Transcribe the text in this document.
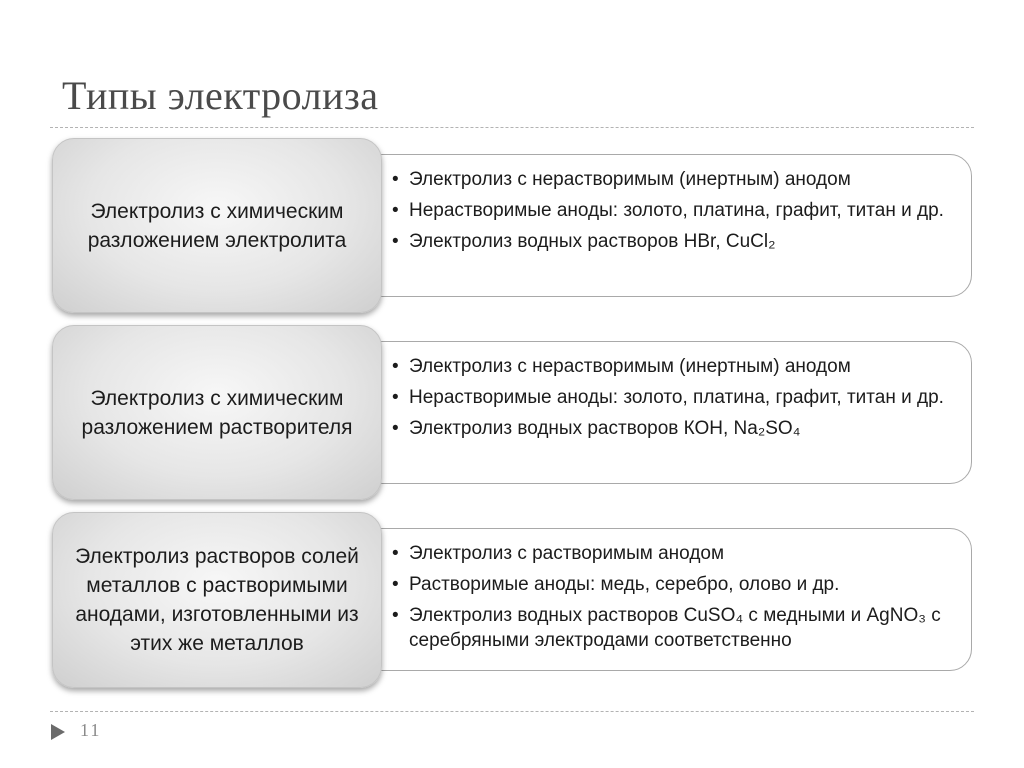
Типы электролиза
• Электролиз с нерастворимым (инертным) анодом
• Нерастворимые аноды: золото, платина, графит, титан и др.
• Электролиз водных растворов HBr, CuCl₂
Электролиз с химическим разложением электролита
• Электролиз с нерастворимым (инертным) анодом
• Нерастворимые аноды: золото, платина, графит, титан и др.
• Электролиз водных растворов КОН, Na₂SO₄
Электролиз с химическим разложением растворителя
• Электролиз с растворимым анодом
• Растворимые аноды: медь, серебро, олово и др.
• Электролиз водных растворов CuSO₄ с медными и AgNO₃ с серебряными электродами соответственно
Электролиз растворов солей металлов с растворимыми анодами, изготовленными из этих же металлов
11
